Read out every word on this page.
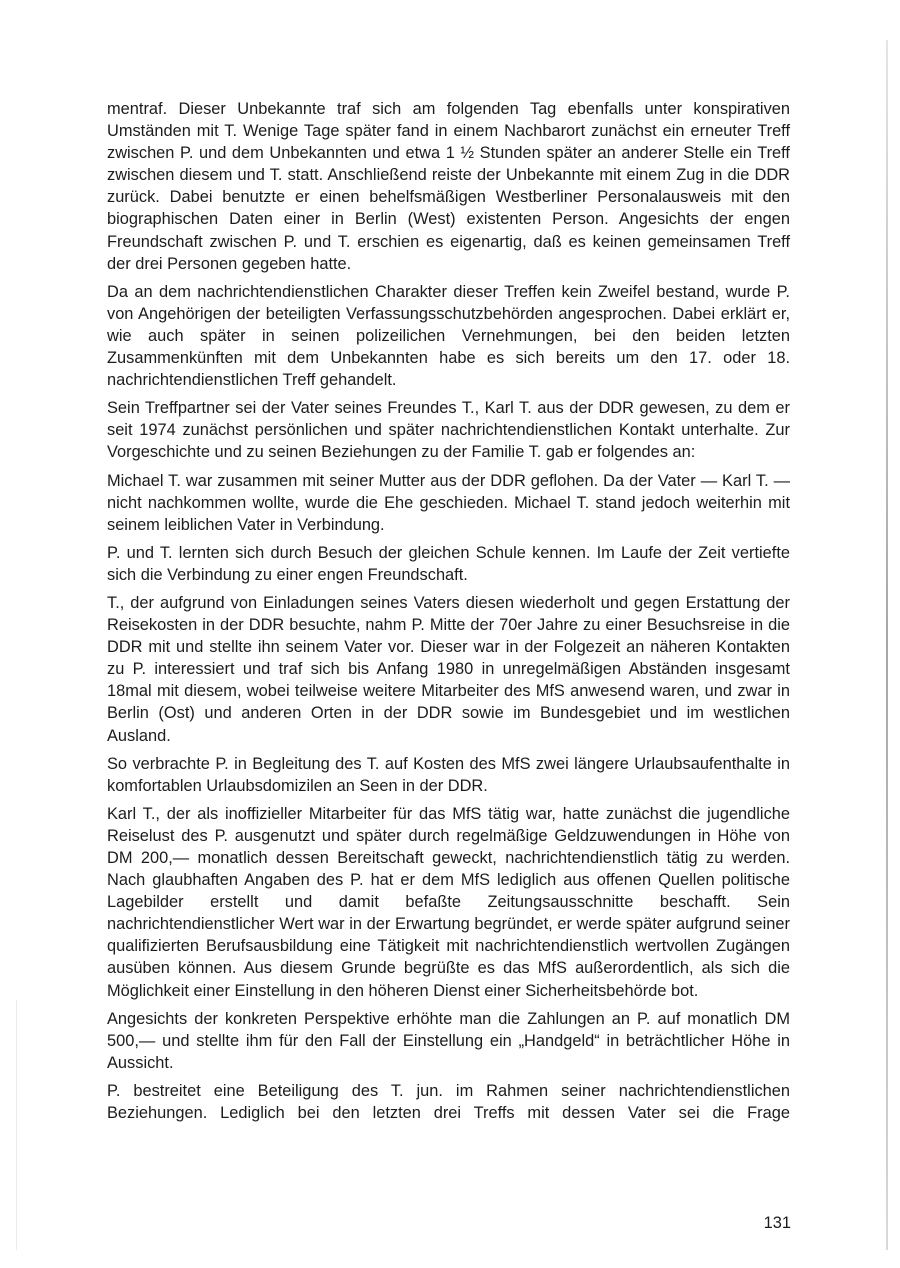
mentraf. Dieser Unbekannte traf sich am folgenden Tag ebenfalls unter konspirativen Umständen mit T. Wenige Tage später fand in einem Nachbarort zunächst ein erneuter Treff zwischen P. und dem Unbekannten und etwa 1 ½ Stunden später an anderer Stelle ein Treff zwischen diesem und T. statt. Anschließend reiste der Unbekannte mit einem Zug in die DDR zurück. Dabei benutzte er einen behelfsmäßigen Westberliner Personalausweis mit den biographischen Daten einer in Berlin (West) existenten Person. Angesichts der engen Freundschaft zwischen P. und T. erschien es eigenartig, daß es keinen gemeinsamen Treff der drei Personen gegeben hatte.

Da an dem nachrichtendienstlichen Charakter dieser Treffen kein Zweifel bestand, wurde P. von Angehörigen der beteiligten Verfassungsschutzbehörden angesprochen. Dabei erklärt er, wie auch später in seinen polizeilichen Vernehmungen, bei den beiden letzten Zusammenkünften mit dem Unbekannten habe es sich bereits um den 17. oder 18. nachrichtendienstlichen Treff gehandelt.

Sein Treffpartner sei der Vater seines Freundes T., Karl T. aus der DDR gewesen, zu dem er seit 1974 zunächst persönlichen und später nachrichtendienstlichen Kontakt unterhalte. Zur Vorgeschichte und zu seinen Beziehungen zu der Familie T. gab er folgendes an:

Michael T. war zusammen mit seiner Mutter aus der DDR geflohen. Da der Vater — Karl T. — nicht nachkommen wollte, wurde die Ehe geschieden. Michael T. stand jedoch weiterhin mit seinem leiblichen Vater in Verbindung.

P. und T. lernten sich durch Besuch der gleichen Schule kennen. Im Laufe der Zeit vertiefte sich die Verbindung zu einer engen Freundschaft.

T., der aufgrund von Einladungen seines Vaters diesen wiederholt und gegen Erstattung der Reisekosten in der DDR besuchte, nahm P. Mitte der 70er Jahre zu einer Besuchsreise in die DDR mit und stellte ihn seinem Vater vor. Dieser war in der Folgezeit an näheren Kontakten zu P. interessiert und traf sich bis Anfang 1980 in unregelmäßigen Abständen insgesamt 18mal mit diesem, wobei teilweise weitere Mitarbeiter des MfS anwesend waren, und zwar in Berlin (Ost) und anderen Orten in der DDR sowie im Bundesgebiet und im westlichen Ausland.

So verbrachte P. in Begleitung des T. auf Kosten des MfS zwei längere Urlaubsaufenthalte in komfortablen Urlaubsdomizilen an Seen in der DDR.

Karl T., der als inoffizieller Mitarbeiter für das MfS tätig war, hatte zunächst die jugendliche Reiselust des P. ausgenutzt und später durch regelmäßige Geldzuwendungen in Höhe von DM 200,— monatlich dessen Bereitschaft geweckt, nachrichtendienstlich tätig zu werden. Nach glaubhaften Angaben des P. hat er dem MfS lediglich aus offenen Quellen politische Lagebilder erstellt und damit befaßte Zeitungsausschnitte beschafft. Sein nachrichtendienstlicher Wert war in der Erwartung begründet, er werde später aufgrund seiner qualifizierten Berufsausbildung eine Tätigkeit mit nachrichtendienstlich wertvollen Zugängen ausüben können. Aus diesem Grunde begrüßte es das MfS außerordentlich, als sich die Möglichkeit einer Einstellung in den höheren Dienst einer Sicherheitsbehörde bot.

Angesichts der konkreten Perspektive erhöhte man die Zahlungen an P. auf monatlich DM 500,— und stellte ihm für den Fall der Einstellung ein „Handgeld“ in beträchtlicher Höhe in Aussicht.

P. bestreitet eine Beteiligung des T. jun. im Rahmen seiner nachrichtendienstlichen Beziehungen. Lediglich bei den letzten drei Treffs mit dessen Vater sei die Frage

131
